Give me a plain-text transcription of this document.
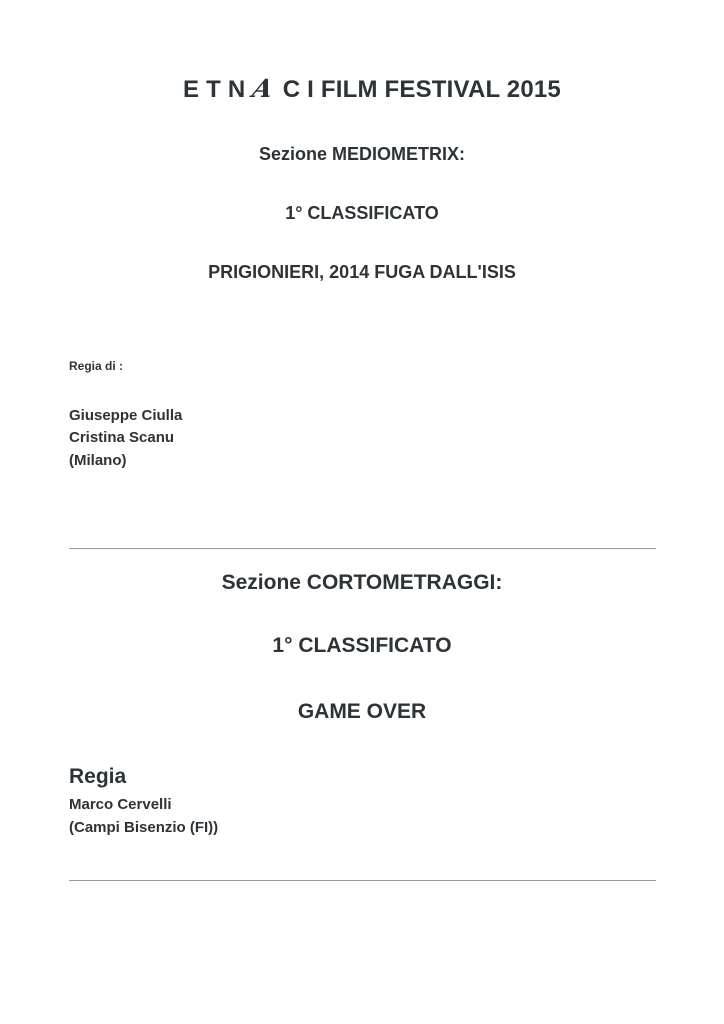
E T N A C I FILM FESTIVAL 2015
Sezione MEDIOMETRIX:
1° CLASSIFICATO
PRIGIONIERI, 2014 FUGA DALL'ISIS
Regia di :
Giuseppe Ciulla
Cristina Scanu
(Milano)
Sezione CORTOMETRAGGI:
1° CLASSIFICATO
GAME OVER
Regia
Marco Cervelli
(Campi Bisenzio (FI))
